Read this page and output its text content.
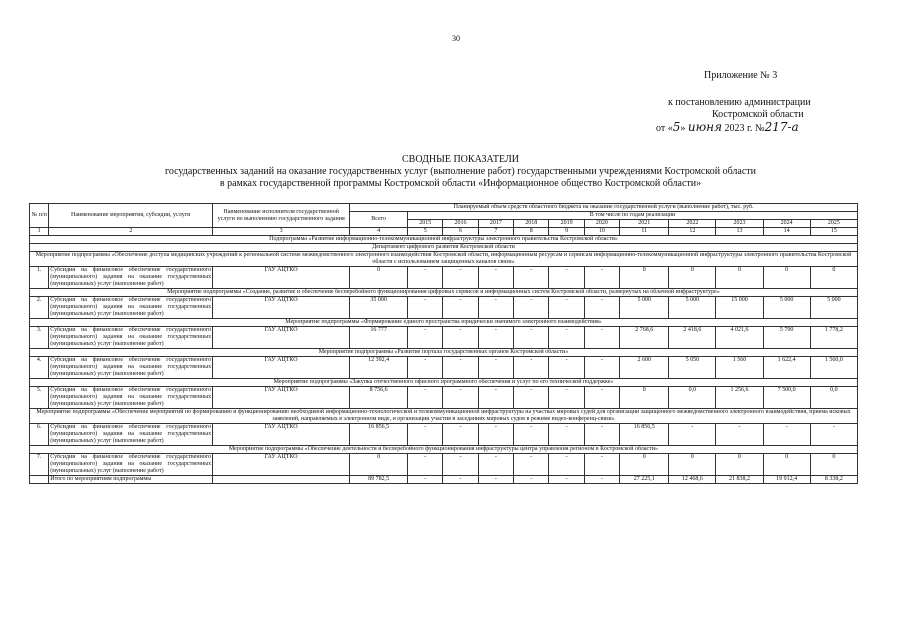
30
Приложение № 3
к постановлению администрации
Костромской области
от «5» июня 2023 г. №217-а
СВОДНЫЕ ПОКАЗАТЕЛИ
государственных заданий на оказание государственных услуг (выполнение работ) государственными учреждениями Костромской области
в рамках государственной программы Костромской области «Информационное общество Костромской области»
№ п/п	Наименование мероприятия, субсидии, услуги	Наименование исполнителя государственной услуги по выполнению государственного задания	Планируемый объем средств областного бюджета на оказание государственной услуги (выполнение работ), тыс. руб.											
			Всего	В том числе по годам реализации										
				2015	2016	2017	2018	2019	2020	2021	2022	2023	2024	2025
1	2	3	4	5	6	7	8	9	10	11	12	13	14	15
Подпрограмма «Развитие информационно-телекоммуникационной инфраструктуры электронного правительства Костромской области»														
Департамент цифрового развития Костромской области														
Мероприятие подпрограммы «Обеспечение доступа медицинских учреждений к региональной системе межведомственного электронного взаимодействия Костромской области, информационным ресурсам и сервисам информационно-телекоммуникационной инфраструктуры электронного правительства Костромской области с использованием защищенных каналов связи»														
1.	Субсидии на финансовое обеспечение государственного (муниципального) задания на оказание государственных (муниципальных) услуг (выполнение работ)	ГАУ АЦТКО	0	-	-	-	-	-	-	0	0	0	0	0
Мероприятие подпрограммы «Создание, развитие и обеспечение бесперебойного функционирования цифровых сервисов и информационных систем Костромской области, развернутых на облачной инфраструктуре»														
2.	Субсидии на финансовое обеспечение государственного (муниципального) задания на оказание государственных (муниципальных) услуг (выполнение работ)	ГАУ АЦТКО	35 000	-	-	-	-	-	-	5 000	5 000	15 000	5 000	5 000
Мероприятие подпрограммы «Формирование единого пространства юридически значимого электронного взаимодействия»														
3.	Субсидии на финансовое обеспечение государственного (муниципального) задания на оказание государственных (муниципальных) услуг (выполнение работ)	ГАУ АЦТКО	16 777	-	-	-	-	-	-	2 768,6	2 418,6	4 021,6	5 790	1 778,2
Мероприятие подпрограммы «Развитие портала государственных органов Костромской области»														
4.	Субсидии на финансовое обеспечение государственного (муниципального) задания на оказание государственных (муниципальных) услуг (выполнение работ)	ГАУ АЦТКО	12 392,4	-	-	-	-	-	-	2 600	5 050	1 560	1 622,4	1 560,0
Мероприятие подпрограммы «Закупка отечественного офисного программного обеспечения и услуг по его технической поддержке»														
5.	Субсидии на финансовое обеспечение государственного (муниципального) задания на оказание государственных (муниципальных) услуг (выполнение работ)	ГАУ АЦТКО	8 756,6	-	-	-	-	-	-	0	0,0	1 256,6	7 500,0	0,0
Мероприятие подпрограммы «Обеспечение мероприятий по формированию и функционированию необходимой информационно-технологической и телекоммуникационной инфраструктуры на участках мировых судей для организации защищенного межведомственного электронного взаимодействия, приема исковых заявлений, направляемых в электронном виде, и организации участия в заседаниях мировых судов в режиме видео-конференц-связи»														
6.	Субсидии на финансовое обеспечение государственного (муниципального) задания на оказание государственных (муниципальных) услуг (выполнение работ)	ГАУ АЦТКО	16 856,5	-	-	-	-	-	-	16 856,5	-	-	-	-
Мероприятие подпрограммы «Обеспечение деятельности и бесперебойного функционирования инфраструктуры центра управления регионом в Костромской области»														
7.	Субсидии на финансовое обеспечение государственного (муниципального) задания на оказание государственных (муниципальных) услуг (выполнение работ)	ГАУ АЦТКО	0	-	-	-	-	-	-	0	0	0	0	0
	Итого по мероприятиям подпрограммы		89 782,5	-	-	-	-	-	-	27 225,1	12 468,6	21 838,2	19 912,4	8 338,2
